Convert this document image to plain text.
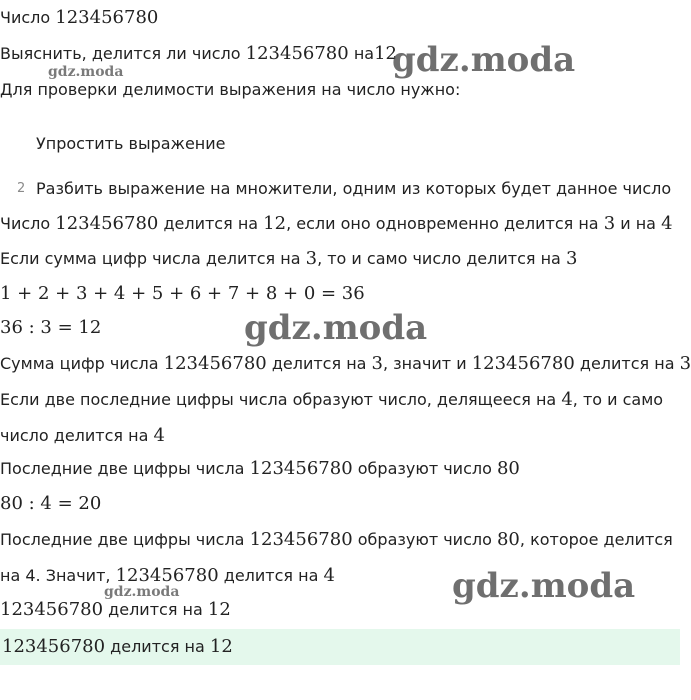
Число 123456780
Выяснить, делится ли число 123456780 на12
Для проверки делимости выражения на число нужно:
Упростить выражение
2 Разбить выражение на множители, одним из которых будет данное число
Число 123456780 делится на 12, если оно одновременно делится на 3 и на 4
Если сумма цифр числа делится на 3, то и само число делится на 3
1 + 2 + 3 + 4 + 5 + 6 + 7 + 8 + 0 = 36
36 : 3 = 12
Сумма цифр числа 123456780 делится на 3, значит и 123456780 делится на 3
Если две последние цифры числа образуют число, делящееся на 4, то и само
число делится на 4
Последние две цифры числа 123456780 образуют число 80
80 : 4 = 20
Последние две цифры числа 123456780 образуют число 80, которое делится
на 4. Значит, 123456780 делится на 4
123456780 делится на 12
123456780 делится на 12
gdz.moda
gdz.moda
gdz.moda
gdz.moda
gdz.moda
